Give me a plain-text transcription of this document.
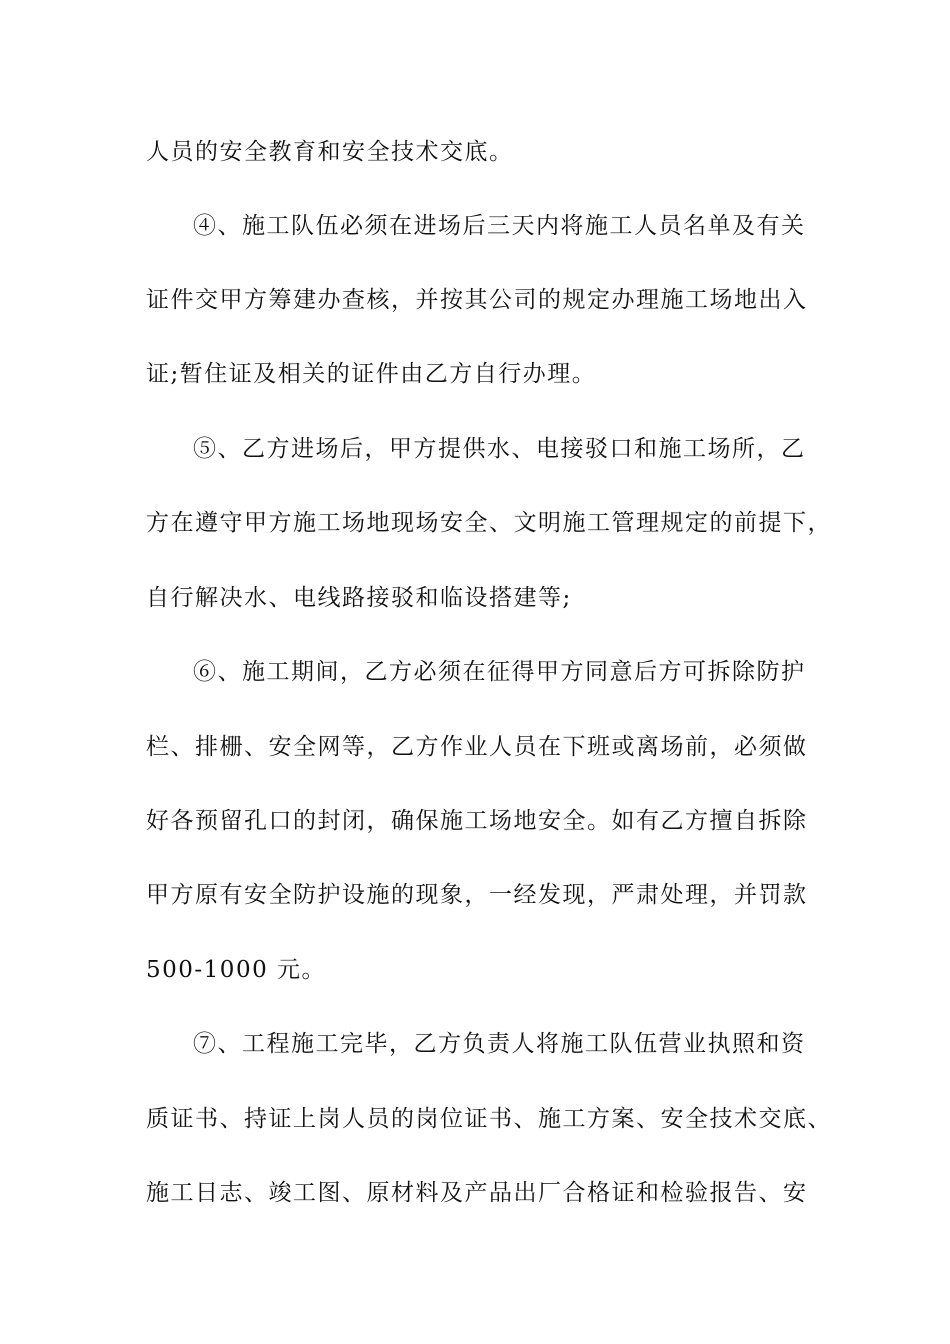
人员的安全教育和安全技术交底。
④、施工队伍必须在进场后三天内将施工人员名单及有关
证件交甲方筹建办查核，并按其公司的规定办理施工场地出入
证;暂住证及相关的证件由乙方自行办理。
⑤、乙方进场后，甲方提供水、电接驳口和施工场所，乙
方在遵守甲方施工场地现场安全、文明施工管理规定的前提下，
自行解决水、电线路接驳和临设搭建等;
⑥、施工期间，乙方必须在征得甲方同意后方可拆除防护
栏、排栅、安全网等，乙方作业人员在下班或离场前，必须做
好各预留孔口的封闭，确保施工场地安全。如有乙方擅自拆除
甲方原有安全防护设施的现象，一经发现，严肃处理，并罚款
500-1000 元。
⑦、工程施工完毕，乙方负责人将施工队伍营业执照和资
质证书、持证上岗人员的岗位证书、施工方案、安全技术交底、
施工日志、竣工图、原材料及产品出厂合格证和检验报告、安
